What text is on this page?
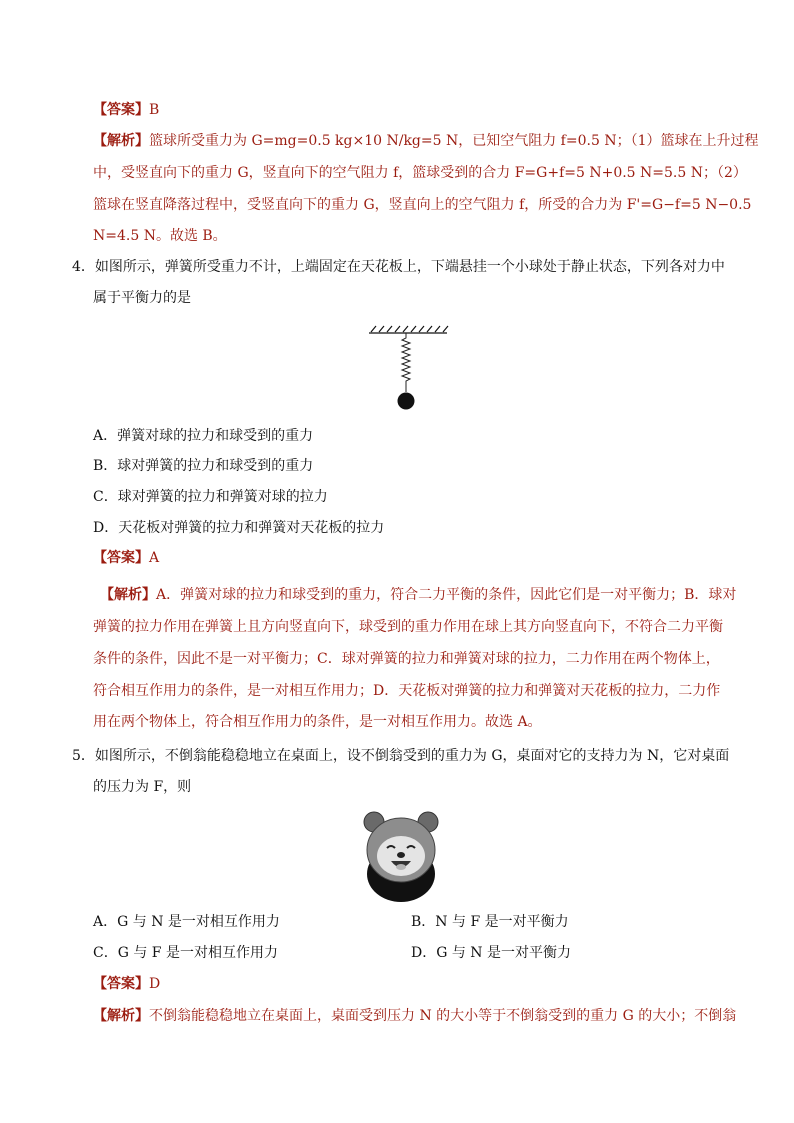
【答案】B
【解析】篮球所受重力为 G=mg=0.5 kg×10 N/kg=5 N，已知空气阻力 f=0.5 N；（1）篮球在上升过程
中，受竖直向下的重力 G，竖直向下的空气阻力 f，篮球受到的合力 F=G+f=5 N+0.5 N=5.5 N；（2）
篮球在竖直降落过程中，受竖直向下的重力 G，竖直向上的空气阻力 f，所受的合力为 F'=G−f=5 N−0.5
N=4.5 N。故选 B。
4．如图所示，弹簧所受重力不计，上端固定在天花板上，下端悬挂一个小球处于静止状态，下列各对力中
属于平衡力的是
A．弹簧对球的拉力和球受到的重力
B．球对弹簧的拉力和球受到的重力
C．球对弹簧的拉力和弹簧对球的拉力
D．天花板对弹簧的拉力和弹簧对天花板的拉力
【答案】A
【解析】A．弹簧对球的拉力和球受到的重力，符合二力平衡的条件，因此它们是一对平衡力；B．球对
弹簧的拉力作用在弹簧上且方向竖直向下，球受到的重力作用在球上其方向竖直向下，不符合二力平衡
条件的条件，因此不是一对平衡力；C．球对弹簧的拉力和弹簧对球的拉力，二力作用在两个物体上，
符合相互作用力的条件，是一对相互作用力；D．天花板对弹簧的拉力和弹簧对天花板的拉力，二力作
用在两个物体上，符合相互作用力的条件，是一对相互作用力。故选 A。
5．如图所示，不倒翁能稳稳地立在桌面上，设不倒翁受到的重力为 G，桌面对它的支持力为 N，它对桌面
的压力为 F，则
A．G 与 N 是一对相互作用力	B．N 与 F 是一对平衡力
C．G 与 F 是一对相互作用力	D．G 与 N 是一对平衡力
【答案】D
【解析】不倒翁能稳稳地立在桌面上，桌面受到压力 N 的大小等于不倒翁受到的重力 G 的大小；不倒翁
